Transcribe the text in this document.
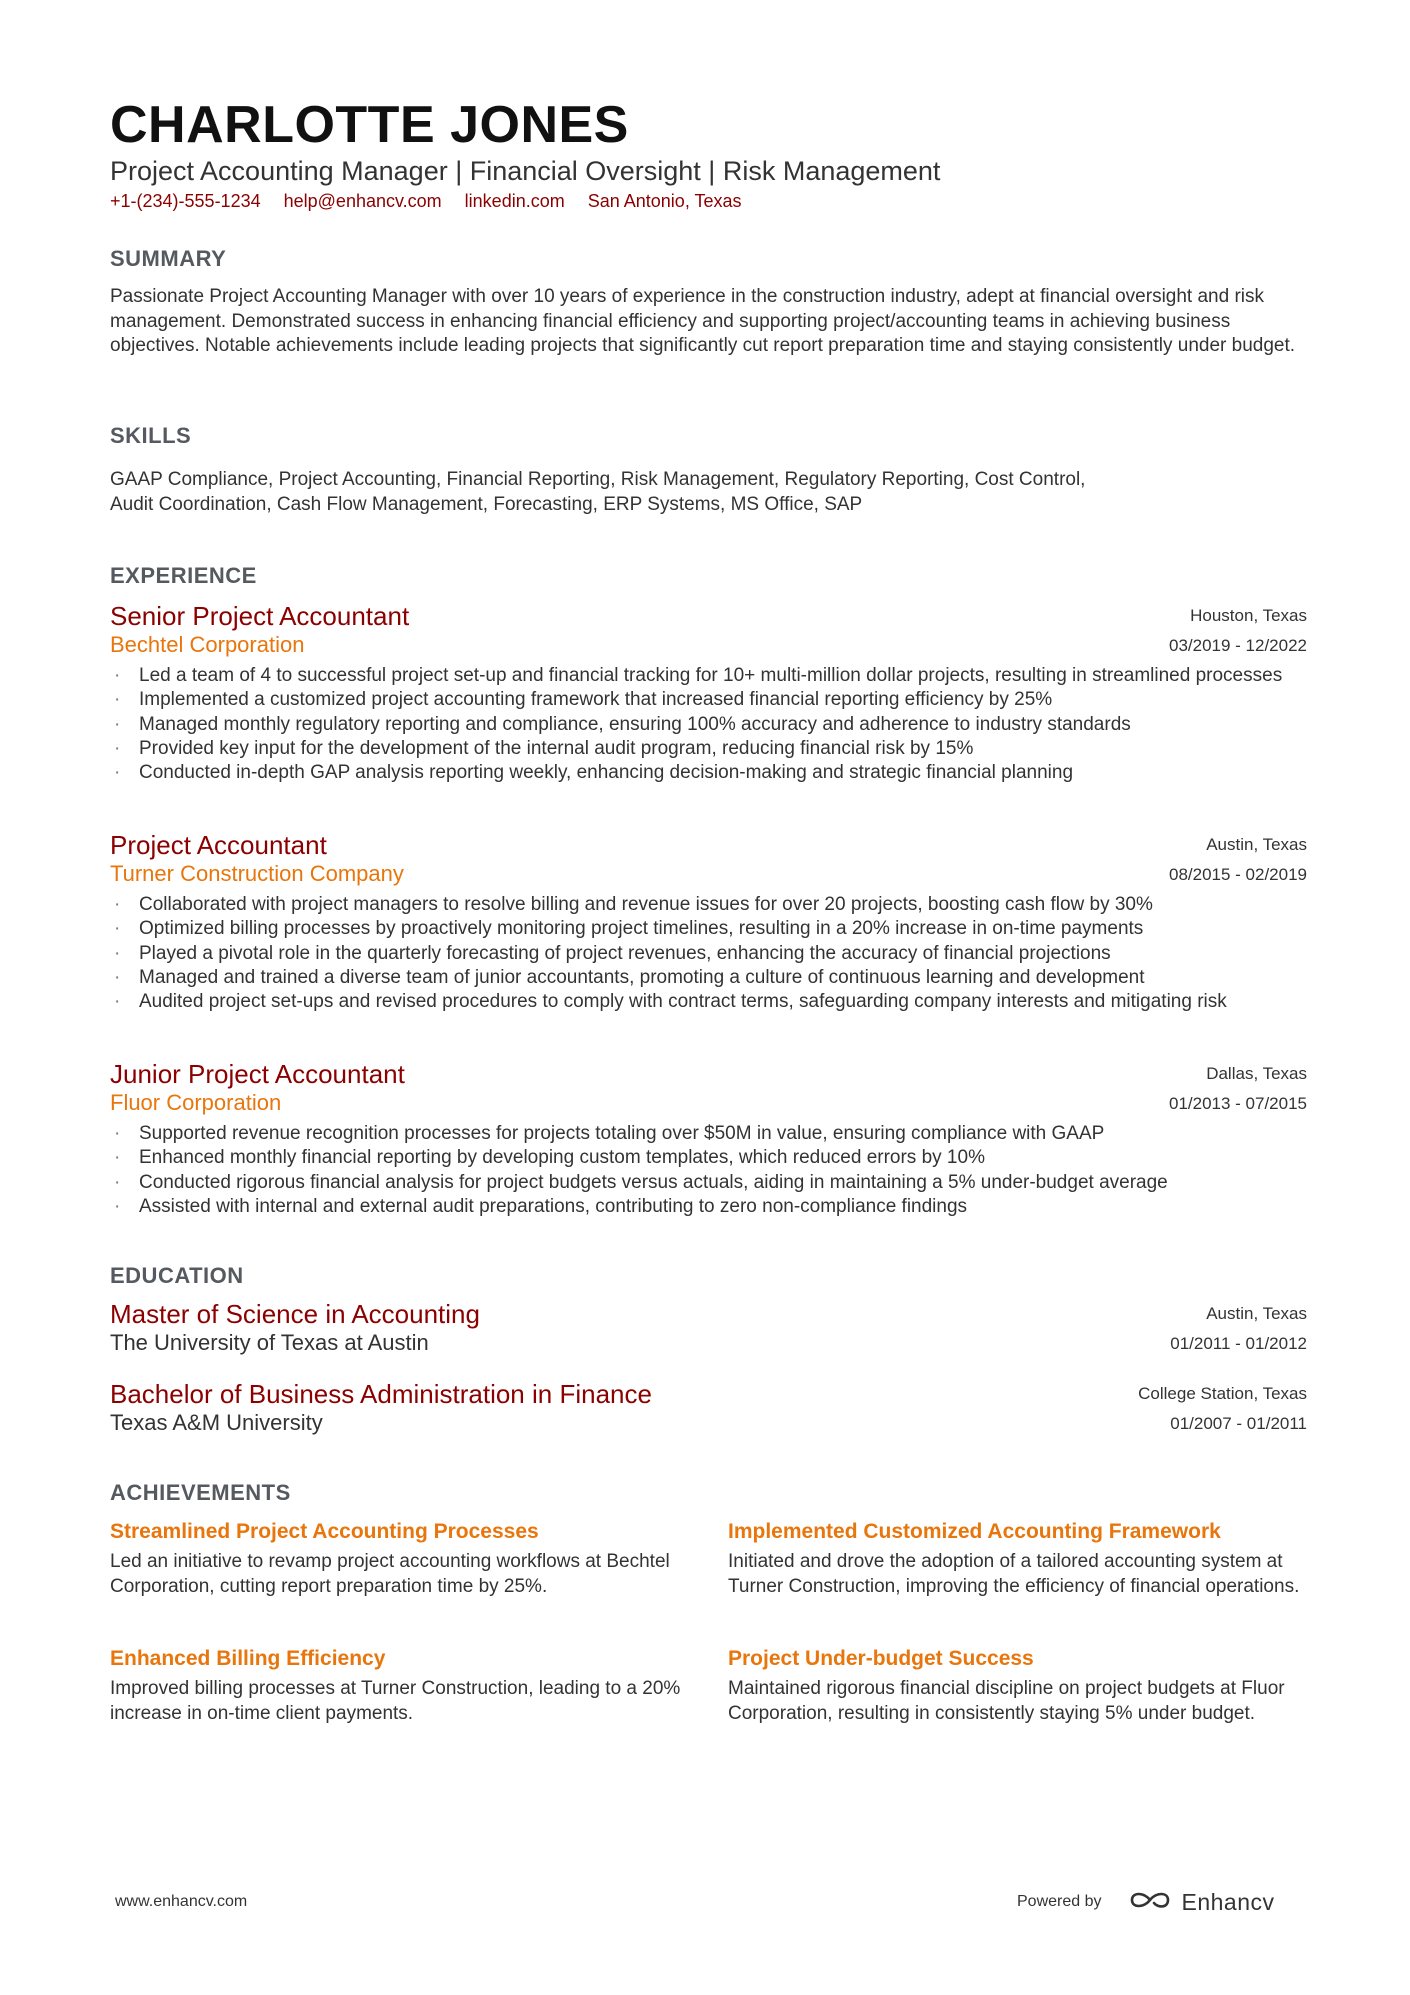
CHARLOTTE JONES
Project Accounting Manager | Financial Oversight | Risk Management
+1-(234)-555-1234 help@enhancv.com linkedin.com San Antonio, Texas
SUMMARY
Passionate Project Accounting Manager with over 10 years of experience in the construction industry, adept at financial oversight and risk management. Demonstrated success in enhancing financial efficiency and supporting project/accounting teams in achieving business objectives. Notable achievements include leading projects that significantly cut report preparation time and staying consistently under budget.
SKILLS
GAAP Compliance, Project Accounting, Financial Reporting, Risk Management, Regulatory Reporting, Cost Control,
Audit Coordination, Cash Flow Management, Forecasting, ERP Systems, MS Office, SAP
EXPERIENCE
Senior Project Accountant
Bechtel Corporation
Houston, Texas
03/2019 - 12/2022
· Led a team of 4 to successful project set-up and financial tracking for 10+ multi-million dollar projects, resulting in streamlined processes
· Implemented a customized project accounting framework that increased financial reporting efficiency by 25%
· Managed monthly regulatory reporting and compliance, ensuring 100% accuracy and adherence to industry standards
· Provided key input for the development of the internal audit program, reducing financial risk by 15%
· Conducted in-depth GAP analysis reporting weekly, enhancing decision-making and strategic financial planning
Project Accountant
Turner Construction Company
Austin, Texas
08/2015 - 02/2019
· Collaborated with project managers to resolve billing and revenue issues for over 20 projects, boosting cash flow by 30%
· Optimized billing processes by proactively monitoring project timelines, resulting in a 20% increase in on-time payments
· Played a pivotal role in the quarterly forecasting of project revenues, enhancing the accuracy of financial projections
· Managed and trained a diverse team of junior accountants, promoting a culture of continuous learning and development
· Audited project set-ups and revised procedures to comply with contract terms, safeguarding company interests and mitigating risk
Junior Project Accountant
Fluor Corporation
Dallas, Texas
01/2013 - 07/2015
· Supported revenue recognition processes for projects totaling over $50M in value, ensuring compliance with GAAP
· Enhanced monthly financial reporting by developing custom templates, which reduced errors by 10%
· Conducted rigorous financial analysis for project budgets versus actuals, aiding in maintaining a 5% under-budget average
· Assisted with internal and external audit preparations, contributing to zero non-compliance findings
EDUCATION
Master of Science in Accounting
The University of Texas at Austin
Austin, Texas
01/2011 - 01/2012
Bachelor of Business Administration in Finance
Texas A&M University
College Station, Texas
01/2007 - 01/2011
ACHIEVEMENTS
Streamlined Project Accounting Processes
Led an initiative to revamp project accounting workflows at Bechtel Corporation, cutting report preparation time by 25%.
Implemented Customized Accounting Framework
Initiated and drove the adoption of a tailored accounting system at Turner Construction, improving the efficiency of financial operations.
Enhanced Billing Efficiency
Improved billing processes at Turner Construction, leading to a 20% increase in on-time client payments.
Project Under-budget Success
Maintained rigorous financial discipline on project budgets at Fluor Corporation, resulting in consistently staying 5% under budget.
www.enhancv.com	Powered by	Enhancv
